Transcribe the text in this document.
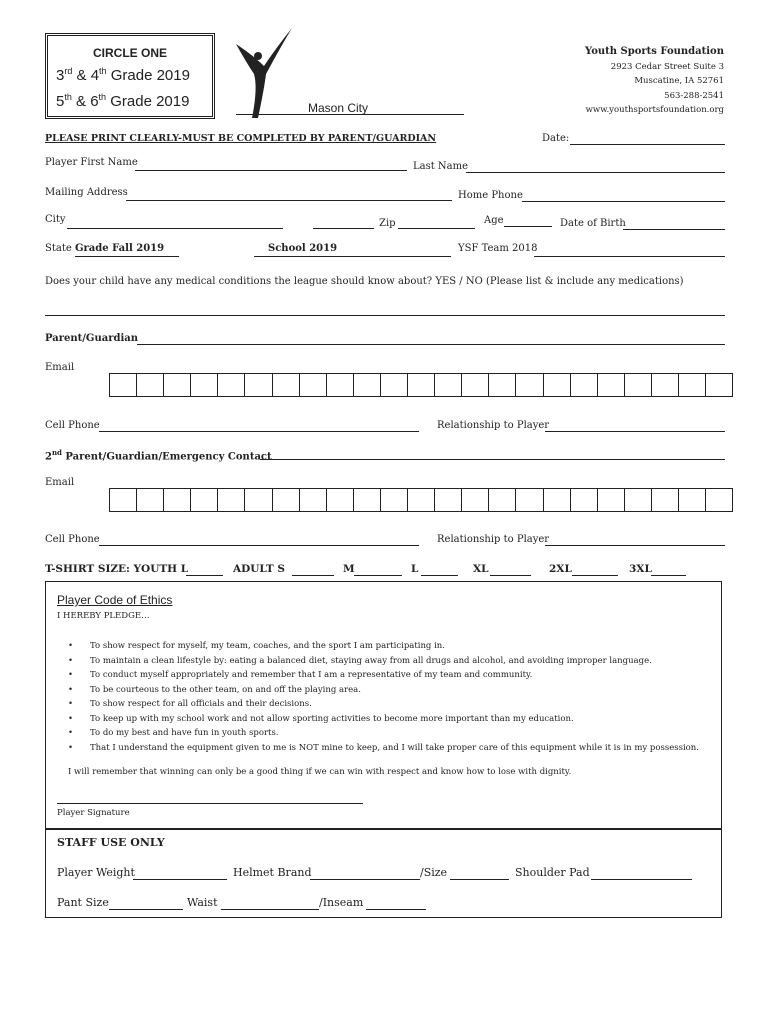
CIRCLE ONE
3rd & 4th Grade 2019
5th & 6th Grade 2019	Mason City
Youth Sports Foundation
2923 Cedar Street Suite 3
Muscatine, IA 52761
563-288-2541
www.youthsportsfoundation.org
PLEASE PRINT CLEARLY-MUST BE COMPLETED BY PARENT/GUARDIAN	Date:
Player First Name	Last Name
Mailing Address	Home Phone
City	Zip	Age	Date of Birth
State Grade Fall 2019	School 2019	YSF Team 2018
Does your child have any medical conditions the league should know about? YES / NO (Please list & include any medications)
Parent/Guardian
Email
Cell Phone	Relationship to Player
2nd Parent/Guardian/Emergency Contact
Email
Cell Phone	Relationship to Player
T-SHIRT SIZE: YOUTH L	ADULT S	M	L	XL	2XL	3XL
Player Code of Ethics
I HEREBY PLEDGE…
• To show respect for myself, my team, coaches, and the sport I am participating in.
• To maintain a clean lifestyle by: eating a balanced diet, staying away from all drugs and alcohol, and avoiding improper language.
• To conduct myself appropriately and remember that I am a representative of my team and community.
• To be courteous to the other team, on and off the playing area.
• To show respect for all officials and their decisions.
• To keep up with my school work and not allow sporting activities to become more important than my education.
• To do my best and have fun in youth sports.
• That I understand the equipment given to me is NOT mine to keep, and I will take proper care of this equipment while it is in my possession.
I will remember that winning can only be a good thing if we can win with respect and know how to lose with dignity.
Player Signature
STAFF USE ONLY
Player Weight	Helmet Brand	/Size	Shoulder Pad
Pant Size	Waist	/Inseam
